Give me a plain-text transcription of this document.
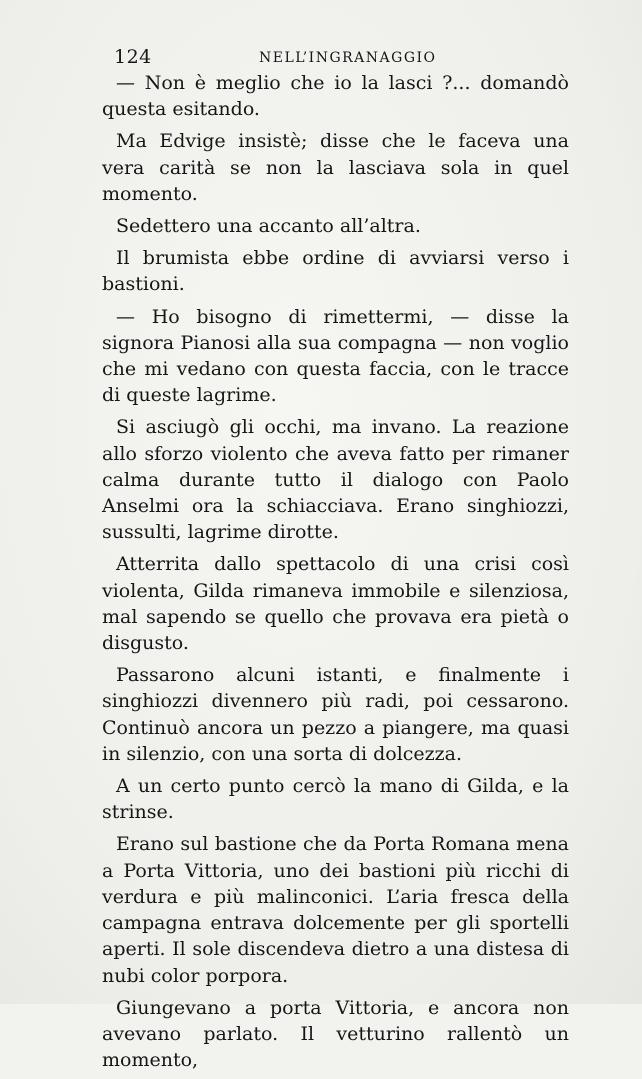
124	NELL’INGRANAGGIO

— Non è meglio che io la lasci ?... domandò questa esitando.

Ma Edvige insistè; disse che le faceva una vera carità se non la lasciava sola in quel momento.

Sedettero una accanto all’altra.

Il brumista ebbe ordine di avviarsi verso i bastioni.

— Ho bisogno di rimettermi, — disse la signora Pianosi alla sua compagna — non voglio che mi vedano con questa faccia, con le tracce di queste lagrime.

Si asciugò gli occhi, ma invano. La reazione allo sforzo violento che aveva fatto per rimaner calma durante tutto il dialogo con Paolo Anselmi ora la schiacciava. Erano singhiozzi, sussulti, lagrime dirotte.

Atterrita dallo spettacolo di una crisi così violenta, Gilda rimaneva immobile e silenziosa, mal sapendo se quello che provava era pietà o disgusto.

Passarono alcuni istanti, e finalmente i singhiozzi divennero più radi, poi cessarono. Continuò ancora un pezzo a piangere, ma quasi in silenzio, con una sorta di dolcezza.

A un certo punto cercò la mano di Gilda, e la strinse.

Erano sul bastione che da Porta Romana mena a Porta Vittoria, uno dei bastioni più ricchi di verdura e più malinconici. L’aria fresca della campagna entrava dolcemente per gli sportelli aperti. Il sole discendeva dietro a una distesa di nubi color porpora.

Giungevano a porta Vittoria, e ancora non avevano parlato. Il vetturino rallentò un momento,
